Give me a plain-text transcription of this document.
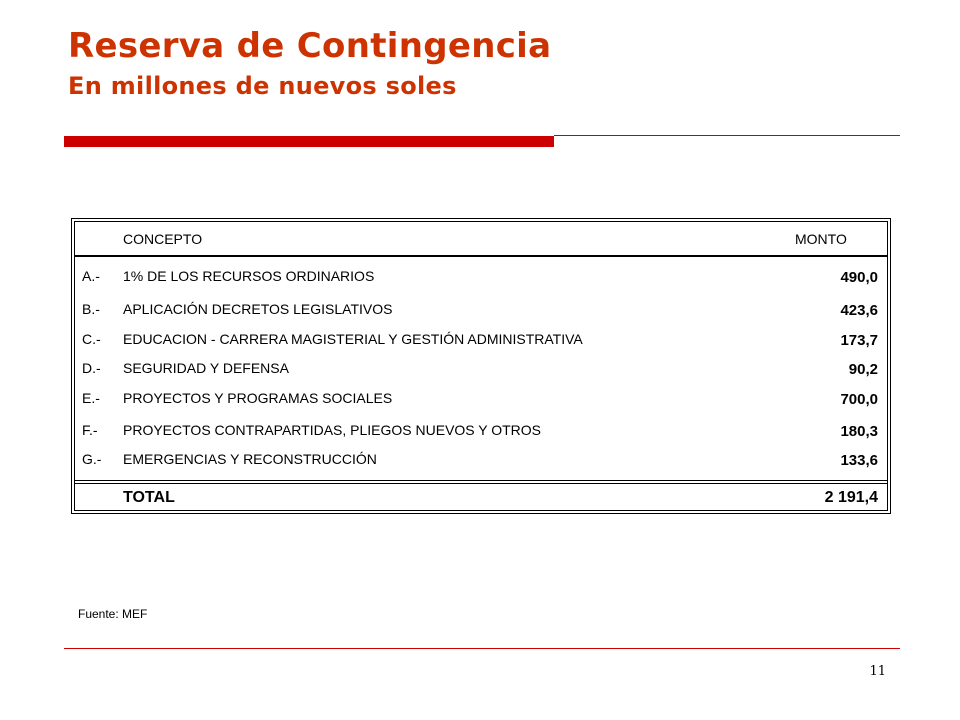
Reserva de Contingencia
En millones de nuevos soles
CONCEPTO	MONTO
A.- 1% DE LOS RECURSOS ORDINARIOS	490,0
B.- APLICACIÓN DECRETOS LEGISLATIVOS	423,6
C.- EDUCACION - CARRERA MAGISTERIAL Y GESTIÓN ADMINISTRATIVA	173,7
D.- SEGURIDAD Y DEFENSA	90,2
E.- PROYECTOS Y PROGRAMAS SOCIALES	700,0
F.- PROYECTOS CONTRAPARTIDAS, PLIEGOS NUEVOS Y OTROS	180,3
G.- EMERGENCIAS Y RECONSTRUCCIÓN	133,6
TOTAL	2 191,4
Fuente: MEF
11
